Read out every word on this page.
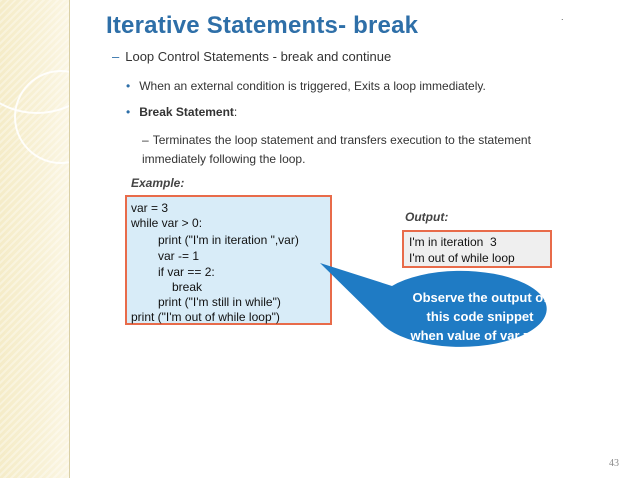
Iterative Statements- break	.
– Loop Control Statements - break and continue
• When an external condition is triggered, Exits a loop immediately.
• Break Statement:
– Terminates the loop statement and transfers execution to the statement immediately following the loop.
Example:
var = 3
while var > 0:
print ("I'm in iteration ",var)
var -= 1
if var == 2:
break
print ("I'm still in while")
print ("I'm out of while loop")
Output:
I'm in iteration  3
I'm out of while loop
Observe the output of
this code snippet
when value of var = 5?
43
